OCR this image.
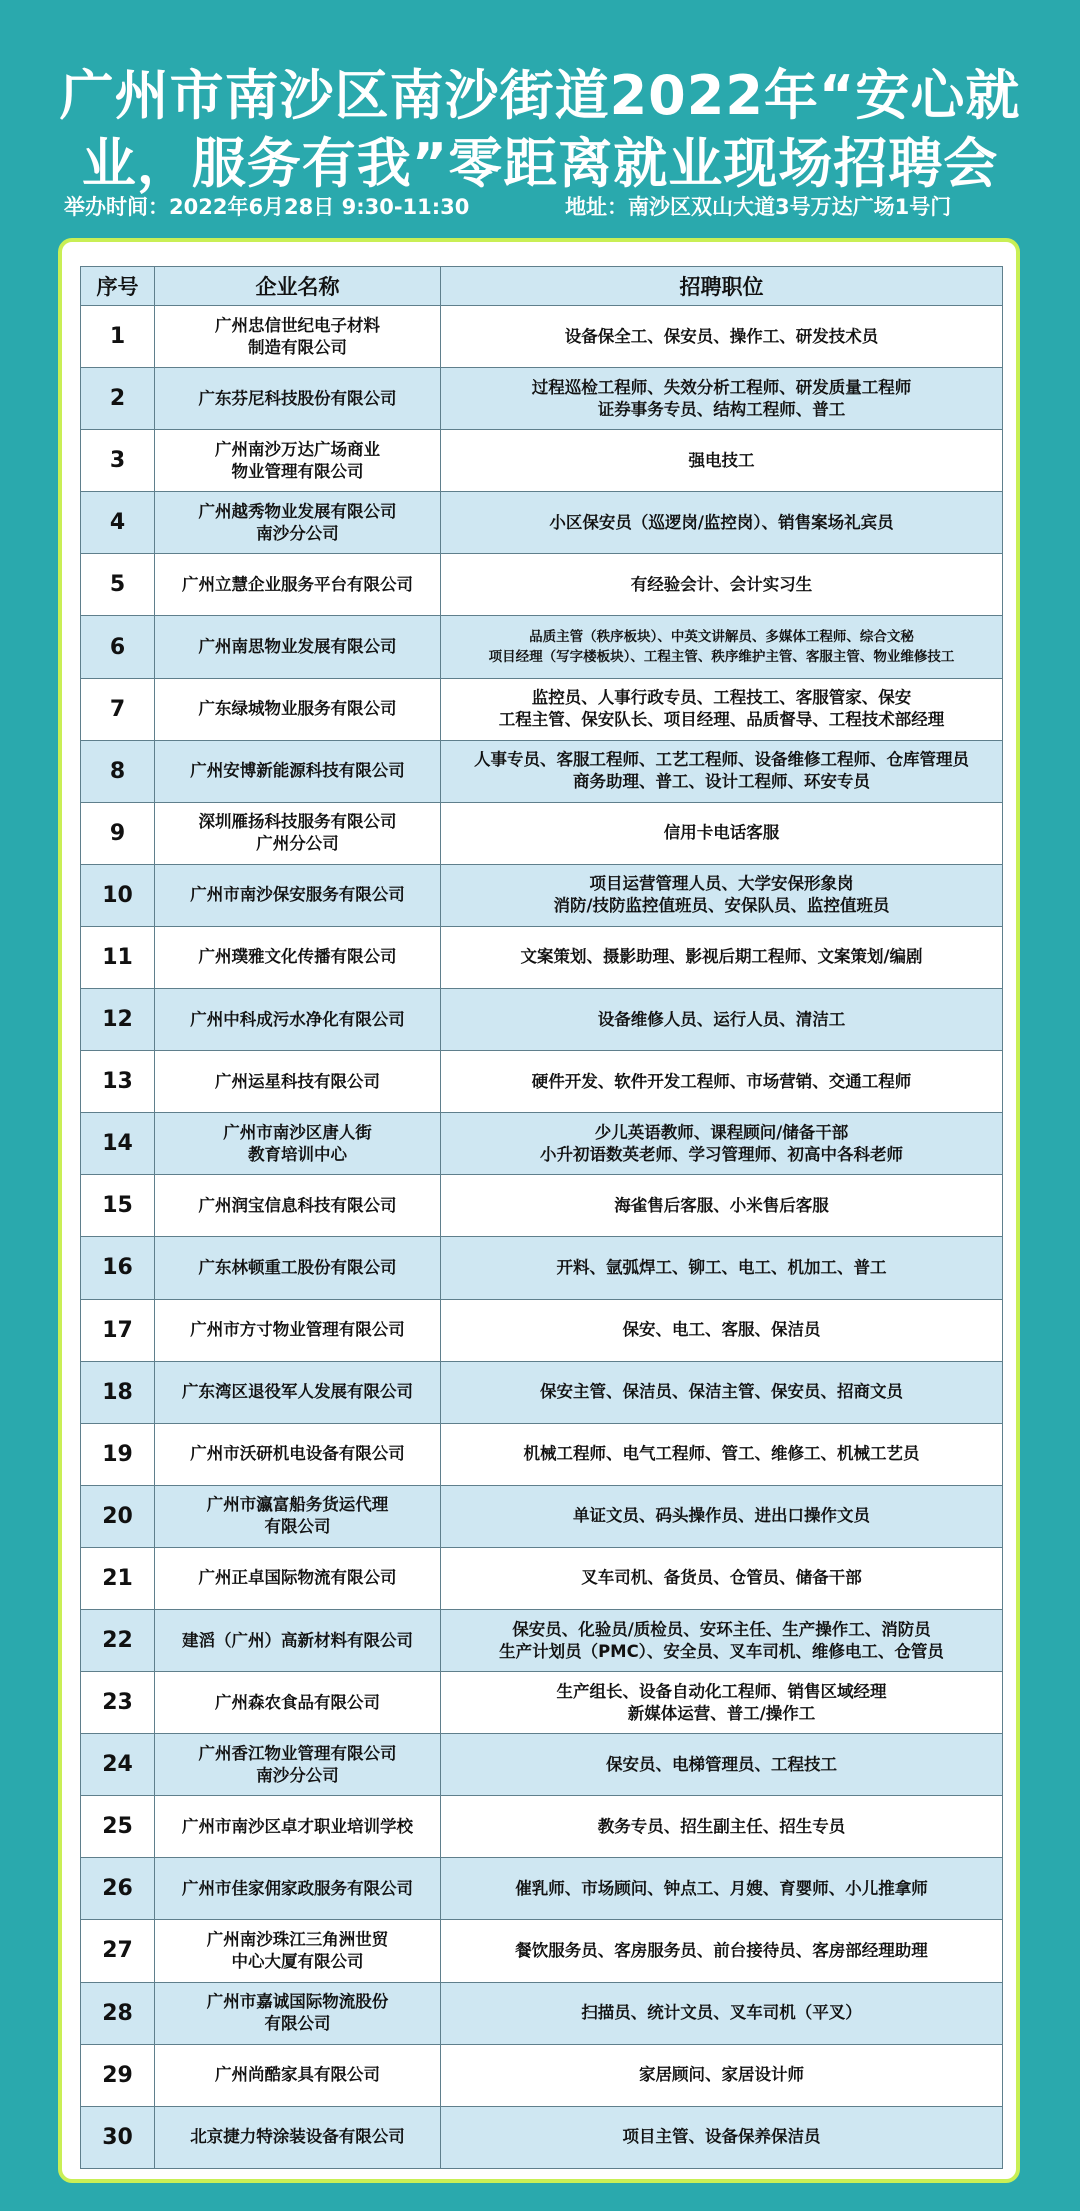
广州市南沙区南沙街道2022年“安心就
业，服务有我”零距离就业现场招聘会
举办时间：2022年6月28日 9:30-11:30	地址：南沙区双山大道3号万达广场1号门
序号	企业名称	招聘职位
1	广州忠信世纪电子材料
制造有限公司	设备保全工、保安员、操作工、研发技术员

2	广东芬尼科技股份有限公司	过程巡检工程师、失效分析工程师、研发质量工程师
证券事务专员、结构工程师、普工

3	广州南沙万达广场商业
物业管理有限公司	强电技工

4	广州越秀物业发展有限公司
南沙分公司	小区保安员（巡逻岗/监控岗）、销售案场礼宾员

5	广州立慧企业服务平台有限公司	有经验会计、会计实习生

6	广州南思物业发展有限公司	品质主管（秩序板块）、中英文讲解员、多媒体工程师、综合文秘
项目经理（写字楼板块）、工程主管、秩序维护主管、客服主管、物业维修技工

7	广东绿城物业服务有限公司	监控员、人事行政专员、工程技工、客服管家、保安
工程主管、保安队长、项目经理、品质督导、工程技术部经理

8	广州安博新能源科技有限公司	人事专员、客服工程师、工艺工程师、设备维修工程师、仓库管理员
商务助理、普工、设计工程师、环安专员

9	深圳雁扬科技服务有限公司
广州分公司	信用卡电话客服

10	广州市南沙保安服务有限公司	项目运营管理人员、大学安保形象岗
消防/技防监控值班员、安保队员、监控值班员

11	广州璞雅文化传播有限公司	文案策划、摄影助理、影视后期工程师、文案策划/编剧

12	广州中科成污水净化有限公司	设备维修人员、运行人员、清洁工

13	广州运星科技有限公司	硬件开发、软件开发工程师、市场营销、交通工程师

14	广州市南沙区唐人街
教育培训中心	少儿英语教师、课程顾问/储备干部
小升初语数英老师、学习管理师、初高中各科老师

15	广州润宝信息科技有限公司	海雀售后客服、小米售后客服

16	广东林顿重工股份有限公司	开料、氩弧焊工、铆工、电工、机加工、普工

17	广州市方寸物业管理有限公司	保安、电工、客服、保洁员

18	广东湾区退役军人发展有限公司	保安主管、保洁员、保洁主管、保安员、招商文员

19	广州市沃研机电设备有限公司	机械工程师、电气工程师、管工、维修工、机械工艺员

20	广州市瀛富船务货运代理
有限公司	单证文员、码头操作员、进出口操作文员

21	广州正卓国际物流有限公司	叉车司机、备货员、仓管员、储备干部

22	建滔（广州）高新材料有限公司	保安员、化验员/质检员、安环主任、生产操作工、消防员
生产计划员（PMC）、安全员、叉车司机、维修电工、仓管员

23	广州森农食品有限公司	生产组长、设备自动化工程师、销售区域经理
新媒体运营、普工/操作工

24	广州香江物业管理有限公司
南沙分公司	保安员、电梯管理员、工程技工

25	广州市南沙区卓才职业培训学校	教务专员、招生副主任、招生专员

26	广州市佳家佣家政服务有限公司	催乳师、市场顾问、钟点工、月嫂、育婴师、小儿推拿师

27	广州南沙珠江三角洲世贸
中心大厦有限公司	餐饮服务员、客房服务员、前台接待员、客房部经理助理

28	广州市嘉诚国际物流股份
有限公司	扫描员、统计文员、叉车司机（平叉）

29	广州尚酷家具有限公司	家居顾问、家居设计师

30	北京捷力特涂装设备有限公司	项目主管、设备保养保洁员
